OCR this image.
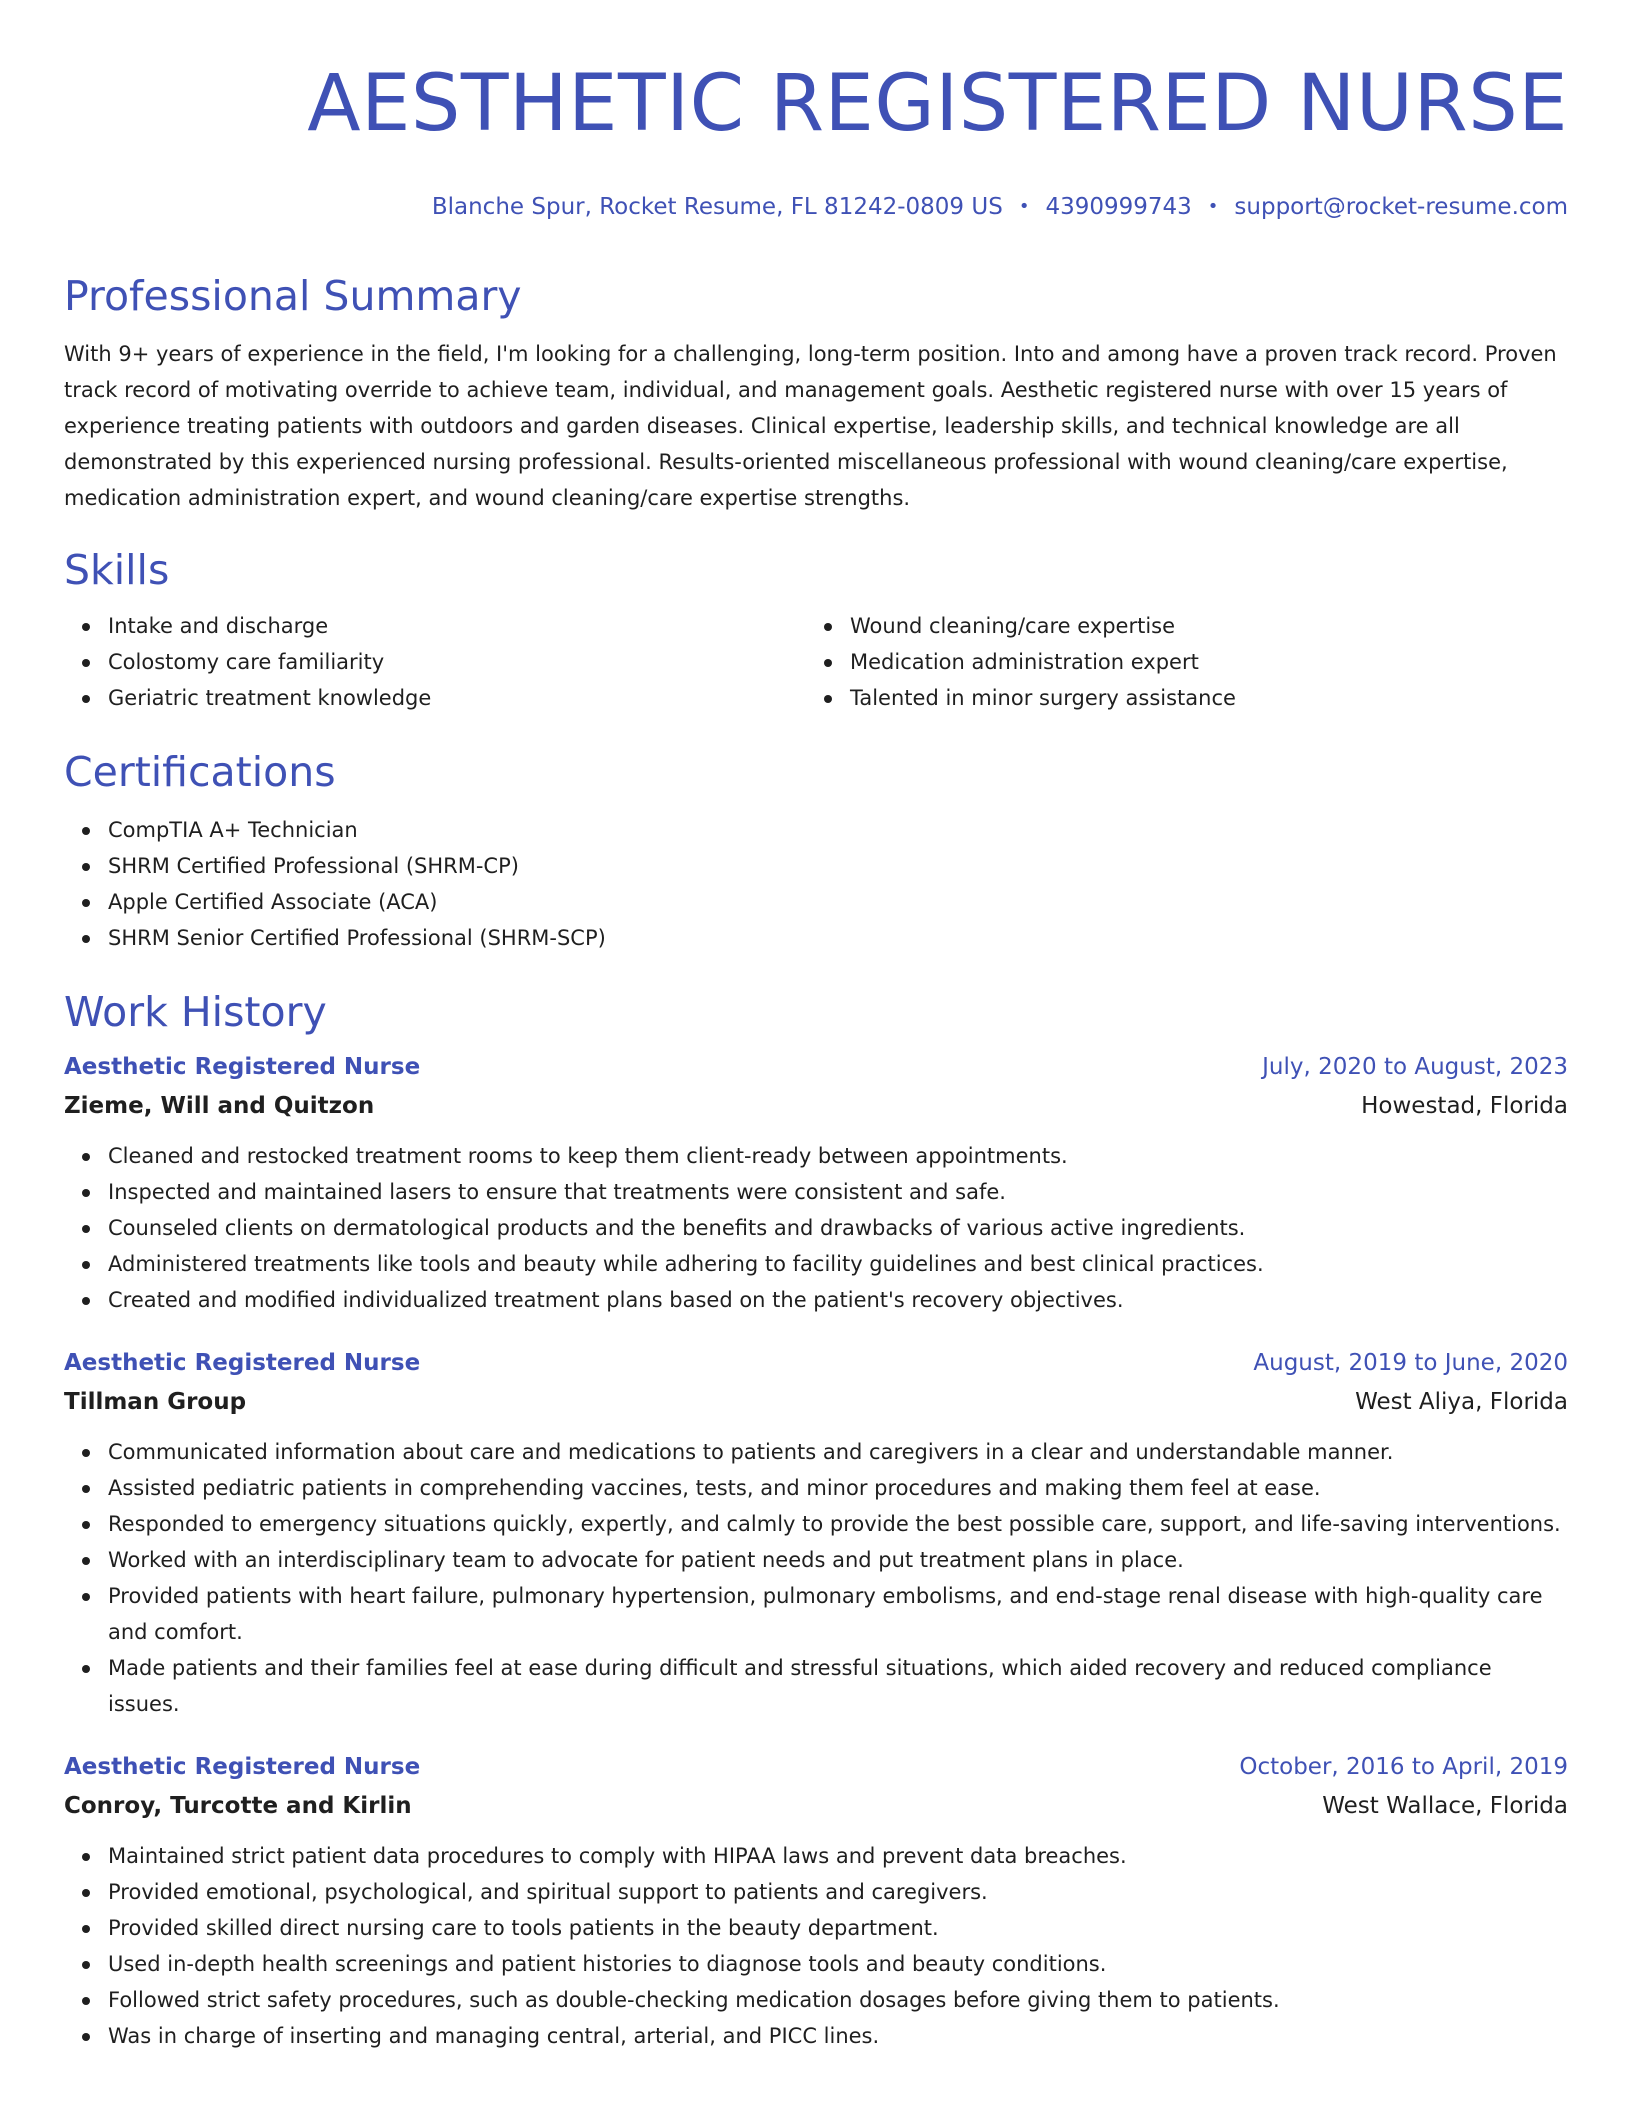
AESTHETIC REGISTERED NURSE
Blanche Spur, Rocket Resume, FL 81242-0809 US • 4390999743 • support@rocket-resume.com
Professional Summary

With 9+ years of experience in the field, I'm looking for a challenging, long-term position. Into and among have a proven track record. Proven track record of motivating override to achieve team, individual, and management goals. Aesthetic registered nurse with over 15 years of experience treating patients with outdoors and garden diseases. Clinical expertise, leadership skills, and technical knowledge are all demonstrated by this experienced nursing professional. Results-oriented miscellaneous professional with wound cleaning/care expertise, medication administration expert, and wound cleaning/care expertise strengths.

Skills
Intake and discharge
Colostomy care familiarity
Geriatric treatment knowledge
Wound cleaning/care expertise
Medication administration expert
Talented in minor surgery assistance
Certifications
CompTIA A+ Technician
SHRM Certified Professional (SHRM-CP)
Apple Certified Associate (ACA)
SHRM Senior Certified Professional (SHRM-SCP)
Work History
Aesthetic Registered Nurse	July, 2020 to August, 2023
Zieme, Will and Quitzon	Howestad, Florida
Cleaned and restocked treatment rooms to keep them client-ready between appointments.
Inspected and maintained lasers to ensure that treatments were consistent and safe.
Counseled clients on dermatological products and the benefits and drawbacks of various active ingredients.
Administered treatments like tools and beauty while adhering to facility guidelines and best clinical practices.
Created and modified individualized treatment plans based on the patient's recovery objectives.
Aesthetic Registered Nurse	August, 2019 to June, 2020
Tillman Group	West Aliya, Florida
Communicated information about care and medications to patients and caregivers in a clear and understandable manner.
Assisted pediatric patients in comprehending vaccines, tests, and minor procedures and making them feel at ease.
Responded to emergency situations quickly, expertly, and calmly to provide the best possible care, support, and life-saving interventions.
Worked with an interdisciplinary team to advocate for patient needs and put treatment plans in place.
Provided patients with heart failure, pulmonary hypertension, pulmonary embolisms, and end-stage renal disease with high-quality care and comfort.
Made patients and their families feel at ease during difficult and stressful situations, which aided recovery and reduced compliance issues.
Aesthetic Registered Nurse	October, 2016 to April, 2019
Conroy, Turcotte and Kirlin	West Wallace, Florida
Maintained strict patient data procedures to comply with HIPAA laws and prevent data breaches.
Provided emotional, psychological, and spiritual support to patients and caregivers.
Provided skilled direct nursing care to tools patients in the beauty department.
Used in-depth health screenings and patient histories to diagnose tools and beauty conditions.
Followed strict safety procedures, such as double-checking medication dosages before giving them to patients.
Was in charge of inserting and managing central, arterial, and PICC lines.
